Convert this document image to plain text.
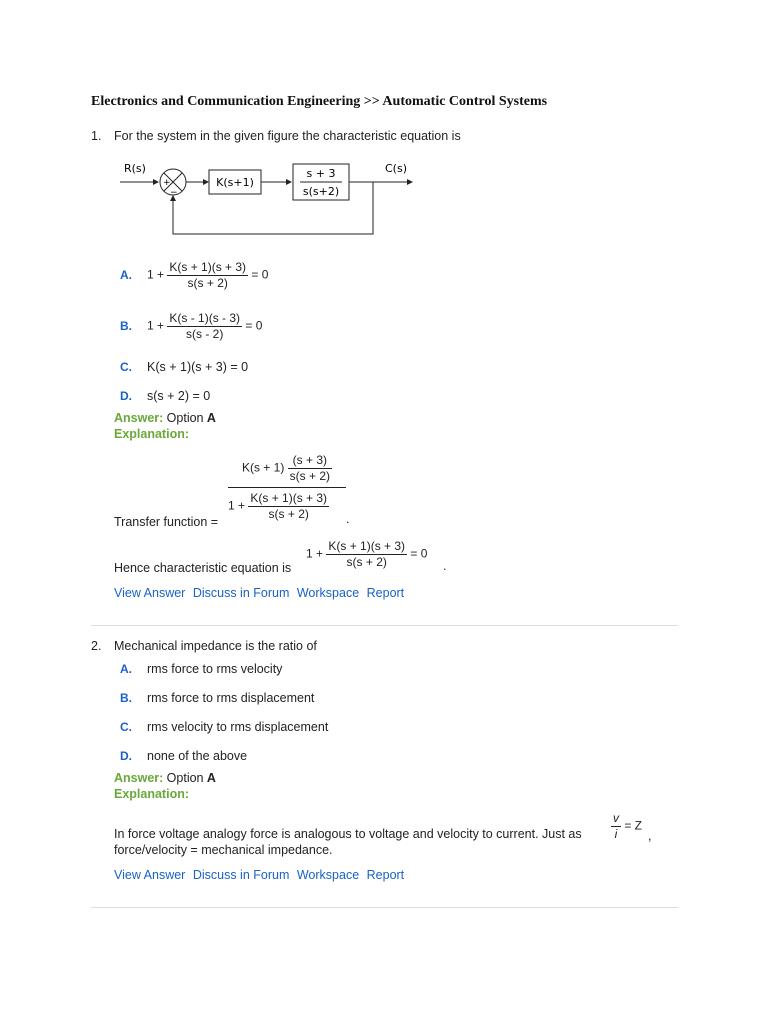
Electronics and Communication Engineering >> Automatic Control Systems
1. For the system in the given figure the characteristic equation is
+
−
K(s+1)
s + 3
s(s+2)
R(s)	C(s)
A. $1 + \frac{K(s + 1)(s + 3)}{s(s + 2)} = 0$
B. $1 + \frac{K(s - 1)(s - 3)}{s(s - 2)} = 0$
C. K(s + 1)(s + 3) = 0
D. s(s + 2) = 0
Answer: Option A
Explanation:
$K(s + 1) \frac{(s + 3)}{s(s + 2)}$
$1 + \frac{K(s + 1)(s + 3)}{s(s + 2)}$
Transfer function =	.
Hence characteristic equation is
$1 + \frac{K(s + 1)(s + 3)}{s(s + 2)} = 0$
.
View Answer Discuss in Forum Workspace Report
2. Mechanical impedance is the ratio of
A. rms force to rms velocity
B. rms force to rms displacement
C. rms velocity to rms displacement
D. none of the above
Answer: Option A
Explanation:
In force voltage analogy force is analogous to voltage and velocity to current. Just as $\frac{v}{i} = Z$
,
force/velocity = mechanical impedance.
View Answer Discuss in Forum Workspace Report
